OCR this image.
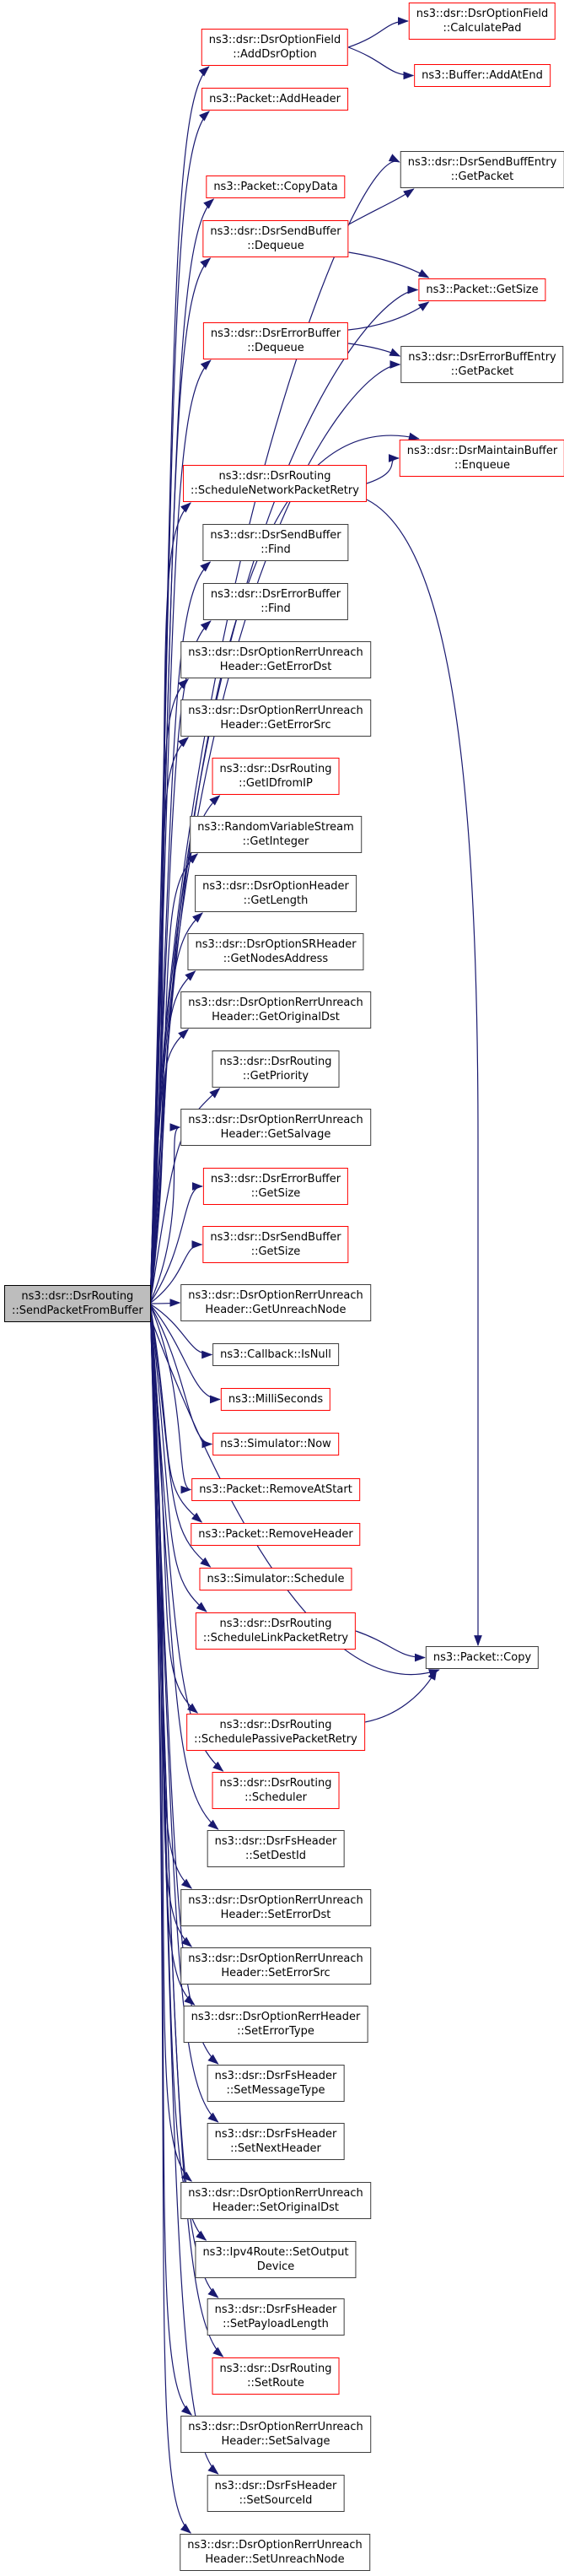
ns3::dsr::DsrRouting
::SendPacketFromBuffer
ns3::dsr::DsrOptionField
::AddDsrOption
ns3::Packet::AddHeader
ns3::Packet::CopyData
ns3::dsr::DsrSendBuffer
::Dequeue
ns3::dsr::DsrErrorBuffer
::Dequeue
ns3::dsr::DsrRouting
::ScheduleNetworkPacketRetry
ns3::dsr::DsrSendBuffer
::Find
ns3::dsr::DsrErrorBuffer
::Find
ns3::dsr::DsrOptionRerrUnreach
Header::GetErrorDst
ns3::dsr::DsrOptionRerrUnreach
Header::GetErrorSrc
ns3::dsr::DsrRouting
::GetIDfromIP
ns3::RandomVariableStream
::GetInteger
ns3::dsr::DsrOptionHeader
::GetLength
ns3::dsr::DsrOptionSRHeader
::GetNodesAddress
ns3::dsr::DsrOptionRerrUnreach
Header::GetOriginalDst
ns3::dsr::DsrRouting
::GetPriority
ns3::dsr::DsrOptionRerrUnreach
Header::GetSalvage
ns3::dsr::DsrErrorBuffer
::GetSize
ns3::dsr::DsrSendBuffer
::GetSize
ns3::dsr::DsrOptionRerrUnreach
Header::GetUnreachNode
ns3::Callback::IsNull
ns3::MilliSeconds
ns3::Simulator::Now
ns3::Packet::RemoveAtStart
ns3::Packet::RemoveHeader
ns3::Simulator::Schedule
ns3::dsr::DsrRouting
::ScheduleLinkPacketRetry
ns3::dsr::DsrRouting
::SchedulePassivePacketRetry
ns3::dsr::DsrRouting
::Scheduler
ns3::dsr::DsrFsHeader
::SetDestId
ns3::dsr::DsrOptionRerrUnreach
Header::SetErrorDst
ns3::dsr::DsrOptionRerrUnreach
Header::SetErrorSrc
ns3::dsr::DsrOptionRerrHeader
::SetErrorType
ns3::dsr::DsrFsHeader
::SetMessageType
ns3::dsr::DsrFsHeader
::SetNextHeader
ns3::dsr::DsrOptionRerrUnreach
Header::SetOriginalDst
ns3::Ipv4Route::SetOutput
Device
ns3::dsr::DsrFsHeader
::SetPayloadLength
ns3::dsr::DsrRouting
::SetRoute
ns3::dsr::DsrOptionRerrUnreach
Header::SetSalvage
ns3::dsr::DsrFsHeader
::SetSourceId
ns3::dsr::DsrOptionRerrUnreach
Header::SetUnreachNode
ns3::dsr::DsrOptionField
::CalculatePad
ns3::Buffer::AddAtEnd
ns3::dsr::DsrSendBuffEntry
::GetPacket
ns3::Packet::GetSize
ns3::dsr::DsrErrorBuffEntry
::GetPacket
ns3::dsr::DsrMaintainBuffer
::Enqueue
ns3::Packet::Copy
